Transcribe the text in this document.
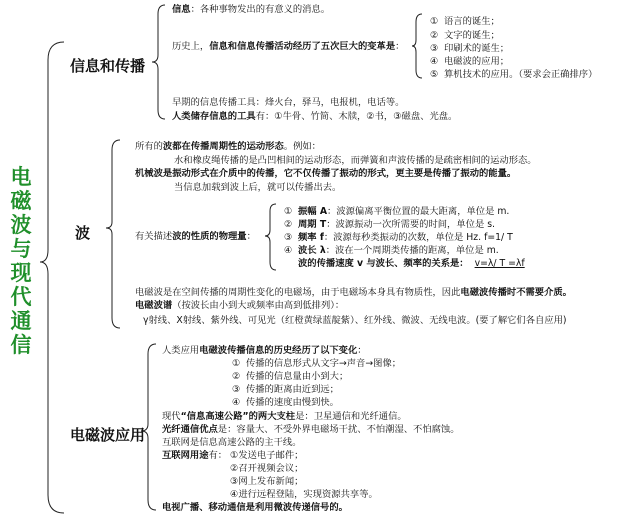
电
磁
波
与
现
代
通
信
信息和传播
波
电磁波应用
信息：各种事物发出的有意义的消息。
历史上，信息和信息传播活动经历了五次巨大的变革是：
① 语言的诞生；
② 文字的诞生；
③ 印刷术的诞生；
④ 电磁波的应用；
⑤ 算机技术的应用。（要求会正确排序）
早期的信息传播工具：烽火台，驿马，电报机，电话等。
人类储存信息的工具有：①牛骨、竹简、木牍，②书，③磁盘、光盘。
所有的波都在传播周期性的运动形态。例如：
水和橡皮绳传播的是凸凹相间的运动形态，而弹簧和声波传播的是疏密相间的运动形态。
机械波是振动形式在介质中的传播，它不仅传播了振动的形式，更主要是传播了振动的能量。
当信息加载到波上后，就可以传播出去。
有关描述波的性质的物理量：
① 振幅 A：波源偏离平衡位置的最大距离，单位是 m.
② 周期 T：波源振动一次所需要的时间，单位是 s.
③ 频率 f：波源每秒类振动的次数，单位是 Hz. f=1/ T
④ 波长 λ：波在一个周期类传播的距离，单位是 m.
波的传播速度 v 与波长、频率的关系是： v=λ/ T =λf
电磁波是在空间传播的周期性变化的电磁场，由于电磁场本身具有物质性，因此电磁波传播时不需要介质。
电磁波谱（按波长由小到大或频率由高到低排列）：
γ射线、X射线、紫外线、可见光（红橙黄绿蓝靛紫）、红外线、微波、无线电波。(要了解它们各自应用)
人类应用电磁波传播信息的历史经历了以下变化：
① 传播的信息形式从文字→声音→图像；
② 传播的信息量由小到大；
③ 传播的距离由近到远；
④ 传播的速度由慢到快。
现代“信息高速公路”的两大支柱是：卫星通信和光纤通信。
光纤通信优点是：容量大、不受外界电磁场干扰、不怕潮湿、不怕腐蚀。
互联网是信息高速公路的主干线。
互联网用途有： ①发送电子邮件；
②召开视频会议；
③网上发布新闻；
④进行远程登陆，实现资源共享等。
电视广播、移动通信是利用微波传递信号的。
